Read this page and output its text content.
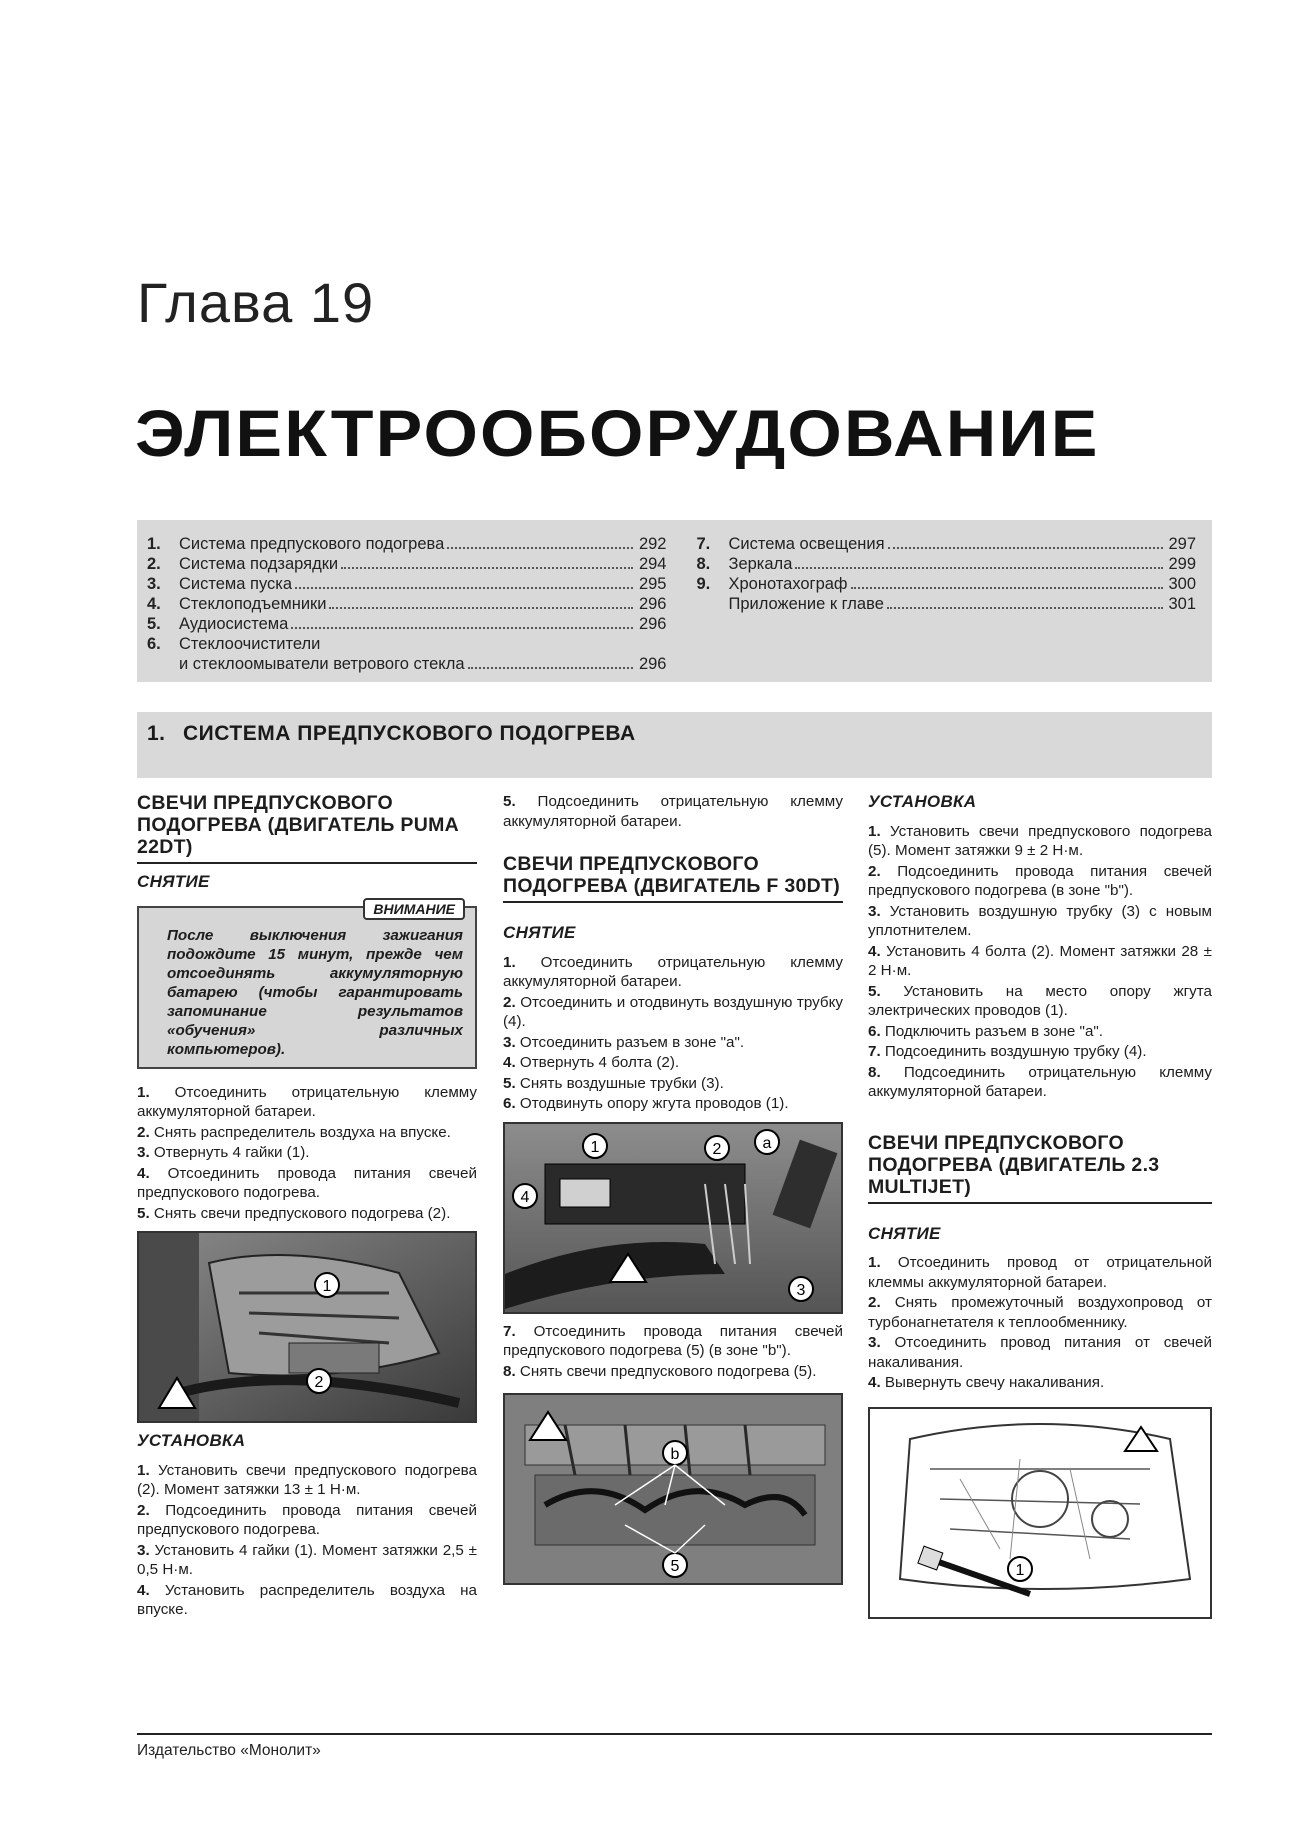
Глава 19
ЭЛЕКТРООБОРУДОВАНИЕ
1.	Система предпускового подогрева	292
2.	Система подзарядки	294
3.	Система пуска	295
4.	Стеклоподъемники	296
5.	Аудиосистема	296
6.	Стеклоочистители
и стеклоомыватели ветрового стекла	296
7.	Система освещения	297
8.	Зеркала	299
9.	Хронотахограф	300
Приложение к главе	301
1. СИСТЕМА ПРЕДПУСКОВОГО ПОДОГРЕВА
СВЕЧИ ПРЕДПУСКОВОГО ПОДОГРЕВА (ДВИГАТЕЛЬ PUMA 22DT)
СНЯТИЕ
ВНИМАНИЕ
После выключения зажигания подождите 15 минут, прежде чем отсоединять аккумуляторную батарею (чтобы гарантировать запоминание результатов «обучения» различных компьютеров).
1. Отсоединить отрицательную клемму аккумуляторной батареи.
2. Снять распределитель воздуха на впуске.
3. Отвернуть 4 гайки (1).
4. Отсоединить провода питания свечей предпускового подогрева.
5. Снять свечи предпускового подогрева (2).
1
2
УСТАНОВКА
1. Установить свечи предпускового подогрева (2). Момент затяжки 13 ± 1 Н·м.
2. Подсоединить провода питания свечей предпускового подогрева.
3. Установить 4 гайки (1). Момент затяжки 2,5 ± 0,5 Н·м.
4. Установить распределитель воздуха на впуске.
5. Подсоединить отрицательную клемму аккумуляторной батареи.
СВЕЧИ ПРЕДПУСКОВОГО ПОДОГРЕВА (ДВИГАТЕЛЬ F 30DT)
СНЯТИЕ
1. Отсоединить отрицательную клемму аккумуляторной батареи.
2. Отсоединить и отодвинуть воздушную трубку (4).
3. Отсоединить разъем в зоне "а".
4. Отвернуть 4 болта (2).
5. Снять воздушные трубки (3).
6. Отодвинуть опору жгута проводов (1).
1	2	a
4
3
7. Отсоединить провода питания свечей предпускового подогрева (5) (в зоне "b").
8. Снять свечи предпускового подогрева (5).
b
5
УСТАНОВКА
1. Установить свечи предпускового подогрева (5). Момент затяжки 9 ± 2 Н·м.
2. Подсоединить провода питания свечей предпускового подогрева (в зоне "b").
3. Установить воздушную трубку (3) с новым уплотнителем.
4. Установить 4 болта (2). Момент затяжки 28 ± 2 Н·м.
5. Установить на место опору жгута электрических проводов (1).
6. Подключить разъем в зоне "а".
7. Подсоединить воздушную трубку (4).
8. Подсоединить отрицательную клемму аккумуляторной батареи.
СВЕЧИ ПРЕДПУСКОВОГО ПОДОГРЕВА (ДВИГАТЕЛЬ 2.3 MULTIJET)
СНЯТИЕ
1. Отсоединить провод от отрицательной клеммы аккумуляторной батареи.
2. Снять промежуточный воздухопровод от турбонагнетателя к теплообменнику.
3. Отсоединить провод питания от свечей накаливания.
4. Вывернуть свечу накаливания.
1
Издательство «Монолит»
